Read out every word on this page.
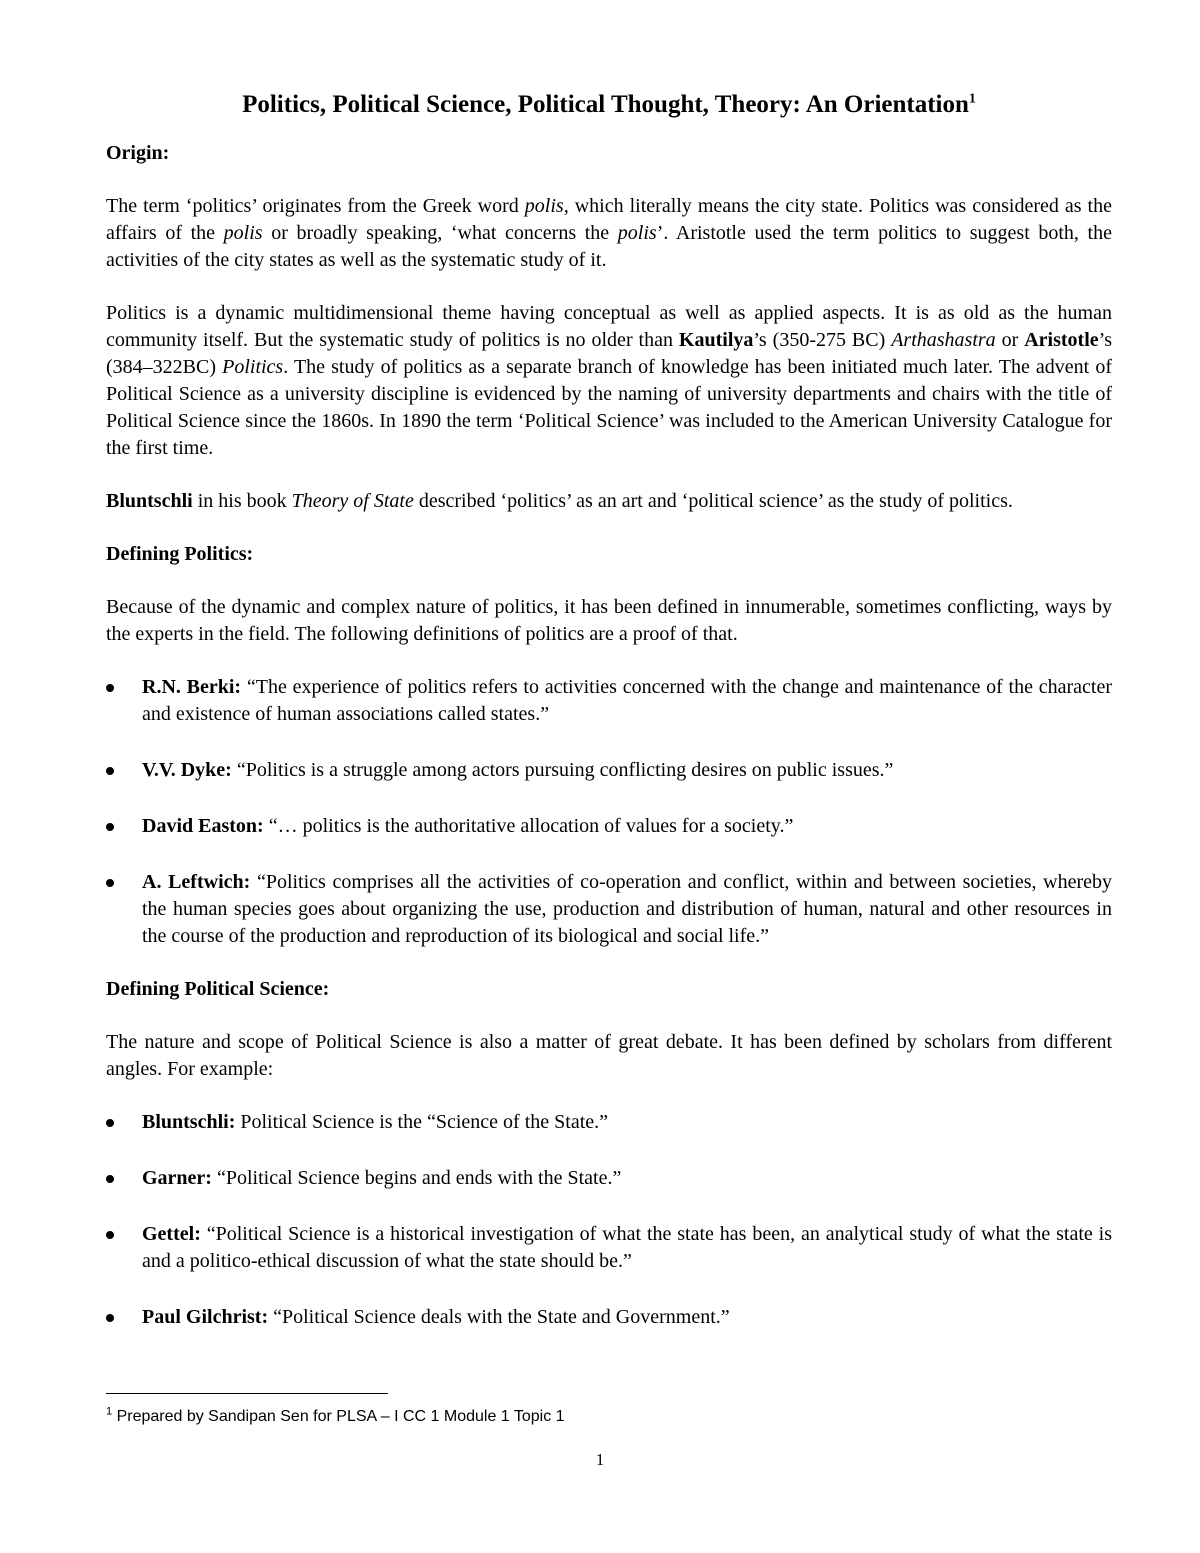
Politics, Political Science, Political Thought, Theory: An Orientation$^1$
Origin:

The term ‘politics’ originates from the Greek word polis, which literally means the city state. Politics was considered as the affairs of the polis or broadly speaking, ‘what concerns the polis’. Aristotle used the term politics to suggest both, the activities of the city states as well as the systematic study of it.

Politics is a dynamic multidimensional theme having conceptual as well as applied aspects. It is as old as the human community itself. But the systematic study of politics is no older than Kautilya’s (350-275 BC) Arthashastra or Aristotle’s (384–322BC) Politics. The study of politics as a separate branch of knowledge has been initiated much later. The advent of Political Science as a university discipline is evidenced by the naming of university departments and chairs with the title of Political Science since the 1860s. In 1890 the term ‘Political Science’ was included to the American University Catalogue for the first time.

Bluntschli in his book Theory of State described ‘politics’ as an art and ‘political science’ as the study of politics.

Defining Politics:

Because of the dynamic and complex nature of politics, it has been defined in innumerable, sometimes conflicting, ways by the experts in the field. The following definitions of politics are a proof of that.

R.N. Berki: “The experience of politics refers to activities concerned with the change and maintenance of the character and existence of human associations called states.”
V.V. Dyke: “Politics is a struggle among actors pursuing conflicting desires on public issues.”
David Easton: “… politics is the authoritative allocation of values for a society.”
A. Leftwich: “Politics comprises all the activities of co-operation and conflict, within and between societies, whereby the human species goes about organizing the use, production and distribution of human, natural and other resources in the course of the production and reproduction of its biological and social life.”
Defining Political Science:

The nature and scope of Political Science is also a matter of great debate. It has been defined by scholars from different angles. For example:

Bluntschli: Political Science is the “Science of the State.”
Garner: “Political Science begins and ends with the State.”
Gettel: “Political Science is a historical investigation of what the state has been, an analytical study of what the state is and a politico-ethical discussion of what the state should be.”
Paul Gilchrist: “Political Science deals with the State and Government.”
$^1$ Prepared by Sandipan Sen for PLSA – I CC 1 Module 1 Topic 1
1
